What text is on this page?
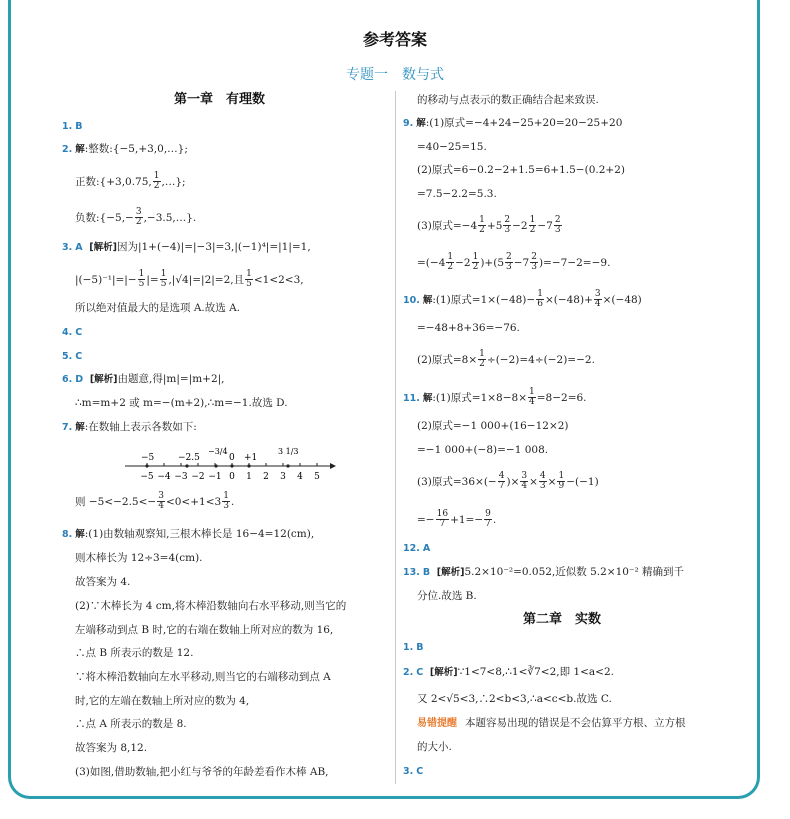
参考答案
专题一 数与式
第一章　有理数
1. B
2. 解:整数:{−5,+3,0,…};
正数:{+3,0.75, $\frac{1}{2}$ ,…};
负数:{−5,− $\frac{3}{2}$ ,−3.5,…}.
3. A [解析]因为|1+(−4)|=|−3|=3,|(−1)⁴|=|1|=1,
$|(-5)^{-1}|=|- \frac{1}{5}$ |= $\frac{1}{5} ,|√4|=|2|=2$,且 $\frac{1}{5} <1<2<3$,
所以绝对值最大的是选项 A.故选 A.
4. C
5. C
6. D [解析]由题意,得|m|=|m+2|,
∴m=m+2 或 m=−(m+2),∴m=−1.故选 D.
7. 解:在数轴上表示各数如下:
−5 −4 −3 −2 −1 0 1 2 3 4 5
−5	−2.5
−3/4
0 +1
3 1/3
则 $-5<-2.5<- \frac{3}{4} <0<+1<3 \frac{1}{3}$ .
8. 解:(1)由数轴观察知,三根木棒长是 16−4=12(cm),
则木棒长为 12÷3=4(cm).
故答案为 4.
(2)∵木棒长为 4 cm,将木棒沿数轴向右水平移动,则当它的
左端移动到点 B 时,它的右端在数轴上所对应的数为 16,
∴点 B 所表示的数是 12.
∵将木棒沿数轴向左水平移动,则当它的右端移动到点 A
时,它的左端在数轴上所对应的数为 4,
∴点 A 所表示的数是 8.
故答案为 8,12.
(3)如图,借助数轴,把小红与爷爷的年龄差看作木棒 AB,
的移动与点表示的数正确结合起来致误.
9. 解:(1)原式=−4+24−25+20=20−25+20
=40−25=15.
(2)原式=6−0.2−2+1.5=6+1.5−(0.2+2)
=7.5−2.2=5.3.
(3)原式$=-4 \frac{1}{2} +5 \frac{2}{3} -2 \frac{1}{2} -7 \frac{2}{3}$
$=(-4 \frac{1}{2} -2 \frac{1}{2} )+(5 \frac{2}{3} -7 \frac{2}{3} )=-7-2=-9$.
10. 解:(1)原式$=1\times(-48)- \frac{1}{6} \times(-48)+ \frac{3}{4} \times(-48)$
=−48+8+36=−76.
(2)原式$=8\times \frac{1}{2} \div(-2)=4\div(-2)=-2$.
11. 解:(1)原式$=1\times 8-8\times \frac{1}{4} =8-2=6$.
(2)原式=−1 000+(16−12×2)
=−1 000+(−8)=−1 008.
(3)原式$=36\times(- \frac{4}{7}$ )× $\frac{3}{4} \times \frac{4}{3} \times \frac{1}{9} -(-1)$
=− $\frac{16}{7} +1=- \frac{9}{7}$ .
12. A
13. B [解析]5.2×10⁻²=0.052,近似数 5.2×10⁻² 精确到千
分位.故选 B.
第二章　实数
1. B
2. C [解析]∵1<7<8,∴1<∛7<2,即 1<a<2.
又 2<√5<3,∴2<b<3,∴a<c<b.故选 C.
易错提醒 本题容易出现的错误是不会估算平方根、立方根
的大小.
3. C
